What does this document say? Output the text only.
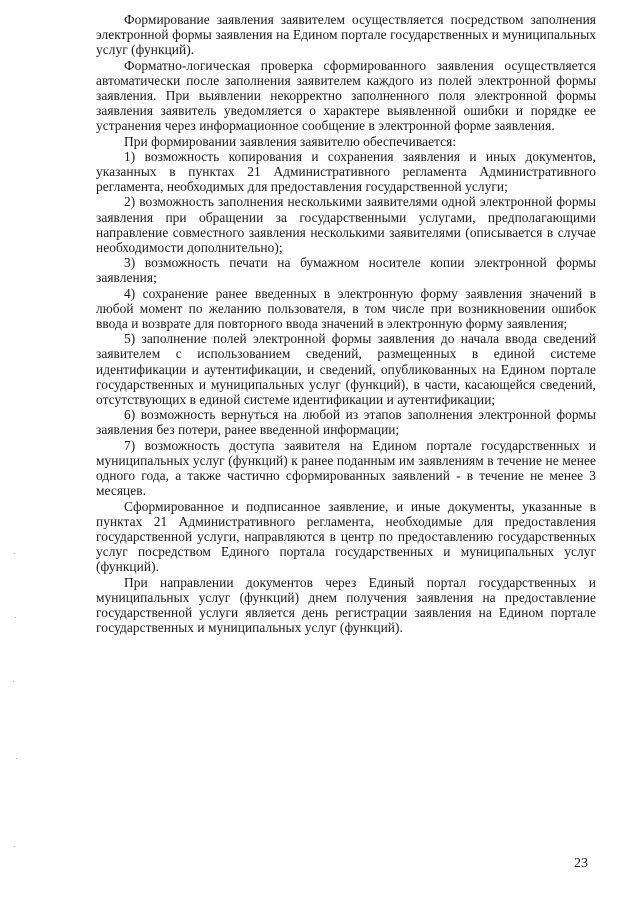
Формирование заявления заявителем осуществляется посредством заполнения электронной формы заявления на Едином портале государственных и муниципальных услуг (функций).

Форматно-логическая проверка сформированного заявления осуществляется автоматически после заполнения заявителем каждого из полей электронной формы заявления. При выявлении некорректно заполненного поля электронной формы заявления заявитель уведомляется о характере выявленной ошибки и порядке ее устранения через информационное сообщение в электронной форме заявления.

При формировании заявления заявителю обеспечивается:

1) возможность копирования и сохранения заявления и иных документов, указанных в пунктах 21 Административного регламента Административного регламента, необходимых для предоставления государственной услуги;

2) возможность заполнения несколькими заявителями одной электронной формы заявления при обращении за государственными услугами, предполагающими направление совместного заявления несколькими заявителями (описывается в случае необходимости дополнительно);

3) возможность печати на бумажном носителе копии электронной формы заявления;

4) сохранение ранее введенных в электронную форму заявления значений в любой момент по желанию пользователя, в том числе при возникновении ошибок ввода и возврате для повторного ввода значений в электронную форму заявления;

5) заполнение полей электронной формы заявления до начала ввода сведений заявителем с использованием сведений, размещенных в единой системе идентификации и аутентификации, и сведений, опубликованных на Едином портале государственных и муниципальных услуг (функций), в части, касающейся сведений, отсутствующих в единой системе идентификации и аутентификации;

6) возможность вернуться на любой из этапов заполнения электронной формы заявления без потери, ранее введенной информации;

7) возможность доступа заявителя на Едином портале государственных и муниципальных услуг (функций) к ранее поданным им заявлениям в течение не менее одного года, а также частично сформированных заявлений - в течение не менее 3 месяцев.

Сформированное и подписанное заявление, и иные документы, указанные в пунктах 21 Административного регламента, необходимые для предоставления государственной услуги, направляются в центр по предоставлению государственных услуг посредством Единого портала государственных и муниципальных услуг (функций).

При направлении документов через Единый портал государственных и муниципальных услуг (функций) днем получения заявления на предоставление государственной услуги является день регистрации заявления на Едином портале государственных и муниципальных услуг (функций).

23
